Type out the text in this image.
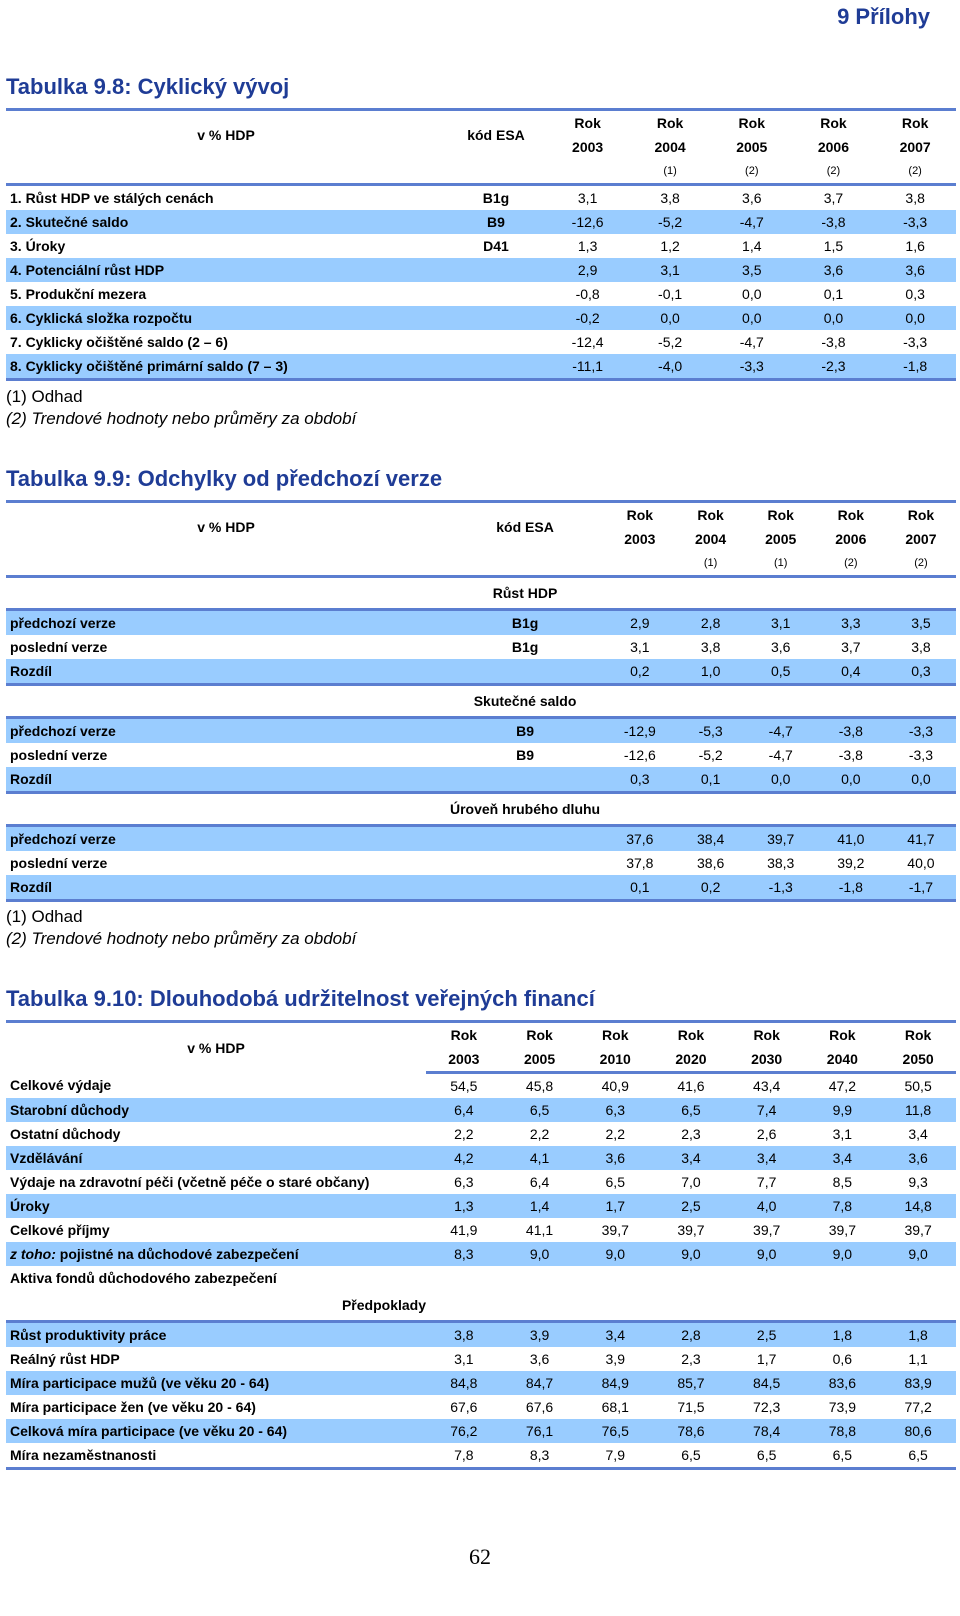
9 Přílohy
Tabulka 9.8: Cyklický vývoj
v % HDP	kód ESA	Rok	Rok	Rok	Rok	Rok
		2003	2004	2005	2006	2007
			(1)	(2)	(2)	(2)
1. Růst HDP ve stálých cenách	B1g	3,1	3,8	3,6	3,7	3,8
2. Skutečné saldo	B9	-12,6	-5,2	-4,7	-3,8	-3,3
3. Úroky	D41	1,3	1,2	1,4	1,5	1,6
4. Potenciální růst HDP		2,9	3,1	3,5	3,6	3,6
5. Produkční mezera		-0,8	-0,1	0,0	0,1	0,3
6. Cyklická složka rozpočtu		-0,2	0,0	0,0	0,0	0,0
7. Cyklicky očištěné saldo (2 – 6)		-12,4	-5,2	-4,7	-3,8	-3,3
8. Cyklicky očištěné primární saldo (7 – 3)		-11,1	-4,0	-3,3	-2,3	-1,8
(1) Odhad
(2) Trendové hodnoty nebo průměry za období
Tabulka 9.9: Odchylky od předchozí verze
v % HDP	kód ESA	Rok	Rok	Rok	Rok	Rok
		2003	2004	2005	2006	2007
			(1)	(1)	(2)	(2)
	Růst HDP					
předchozí verze	B1g	2,9	2,8	3,1	3,3	3,5
poslední verze	B1g	3,1	3,8	3,6	3,7	3,8
Rozdíl		0,2	1,0	0,5	0,4	0,3
	Skutečné saldo					
předchozí verze	B9	-12,9	-5,3	-4,7	-3,8	-3,3
poslední verze	B9	-12,6	-5,2	-4,7	-3,8	-3,3
Rozdíl		0,3	0,1	0,0	0,0	0,0
	Úroveň hrubého dluhu					
předchozí verze		37,6	38,4	39,7	41,0	41,7
poslední verze		37,8	38,6	38,3	39,2	40,0
Rozdíl		0,1	0,2	-1,3	-1,8	-1,7
(1) Odhad
(2) Trendové hodnoty nebo průměry za období
Tabulka 9.10: Dlouhodobá udržitelnost veřejných financí
v % HDP	Rok	Rok	Rok	Rok	Rok	Rok	Rok
	2003	2005	2010	2020	2030	2040	2050
Celkové výdaje	54,5	45,8	40,9	41,6	43,4	47,2	50,5
Starobní důchody	6,4	6,5	6,3	6,5	7,4	9,9	11,8
Ostatní důchody	2,2	2,2	2,2	2,3	2,6	3,1	3,4
Vzdělávání	4,2	4,1	3,6	3,4	3,4	3,4	3,6
Výdaje na zdravotní péči (včetně péče o staré občany)	6,3	6,4	6,5	7,0	7,7	8,5	9,3
Úroky	1,3	1,4	1,7	2,5	4,0	7,8	14,8
Celkové příjmy	41,9	41,1	39,7	39,7	39,7	39,7	39,7
z toho: pojistné na důchodové zabezpečení	8,3	9,0	9,0	9,0	9,0	9,0	9,0
Aktiva fondů důchodového zabezpečení							
Předpoklady							
Růst produktivity práce	3,8	3,9	3,4	2,8	2,5	1,8	1,8
Reálný růst HDP	3,1	3,6	3,9	2,3	1,7	0,6	1,1
Míra participace mužů (ve věku 20 - 64)	84,8	84,7	84,9	85,7	84,5	83,6	83,9
Míra participace žen (ve věku 20 - 64)	67,6	67,6	68,1	71,5	72,3	73,9	77,2
Celková míra participace (ve věku 20 - 64)	76,2	76,1	76,5	78,6	78,4	78,8	80,6
Míra nezaměstnanosti	7,8	8,3	7,9	6,5	6,5	6,5	6,5
62
